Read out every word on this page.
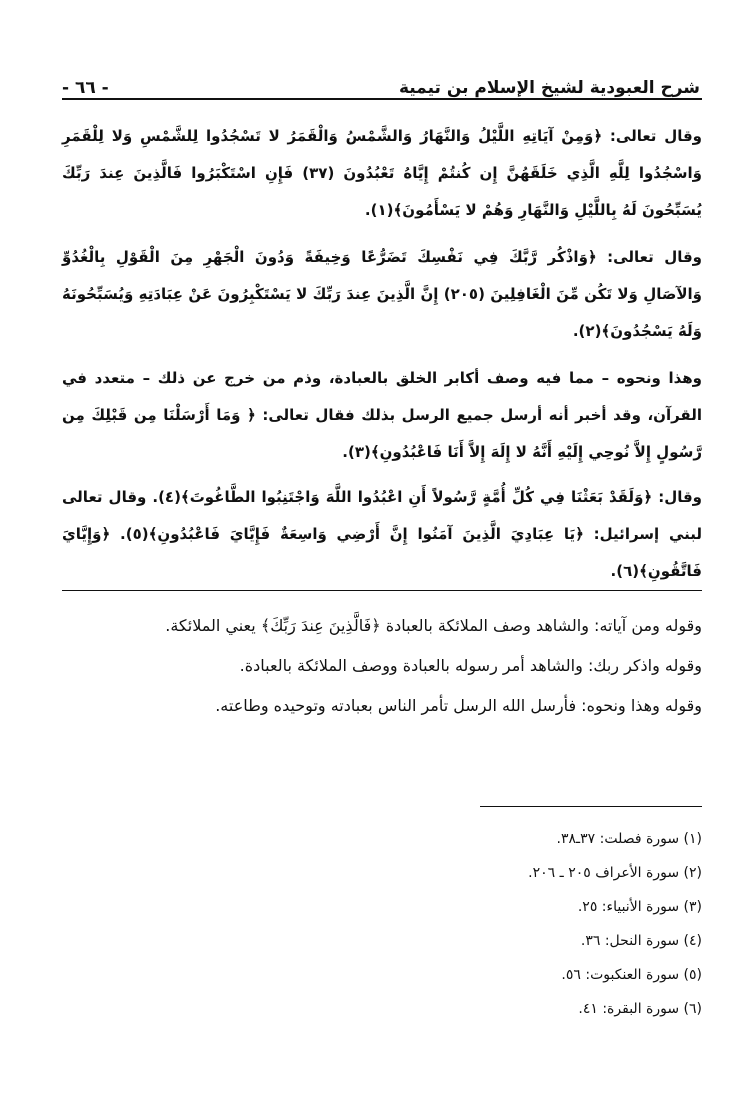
شرح العبودية لشيخ الإسلام بن تيمية
- ٦٦ -

وقال تعالى: ﴿وَمِنْ آيَاتِهِ اللَّيْلُ وَالنَّهَارُ وَالشَّمْسُ وَالْقَمَرُ لا تَسْجُدُوا لِلشَّمْسِ وَلا لِلْقَمَرِ وَاسْجُدُوا لِلَّهِ الَّذِي خَلَقَهُنَّ إِن كُنتُمْ إِيَّاهُ تَعْبُدُونَ (٣٧) فَإِنِ اسْتَكْبَرُوا فَالَّذِينَ عِندَ رَبِّكَ يُسَبِّحُونَ لَهُ بِاللَّيْلِ وَالنَّهَارِ وَهُمْ لا يَسْأَمُونَ﴾(١).

وقال تعالى: ﴿وَاذْكُر رَّبَّكَ فِي نَفْسِكَ تَضَرُّعًا وَخِيفَةً وَدُونَ الْجَهْرِ مِنَ الْقَوْلِ بِالْغُدُوِّ وَالآصَالِ وَلا تَكُن مِّنَ الْغَافِلِينَ (٢٠٥) إِنَّ الَّذِينَ عِندَ رَبِّكَ لا يَسْتَكْبِرُونَ عَنْ عِبَادَتِهِ وَيُسَبِّحُونَهُ وَلَهُ يَسْجُدُونَ﴾(٢).

وهذا ونحوه – مما فيه وصف أكابر الخلق بالعبادة، وذم من خرج عن ذلك – متعدد في القرآن، وقد أخبر أنه أرسل جميع الرسل بذلك فقال تعالى: ﴿ وَمَا أَرْسَلْنَا مِن قَبْلِكَ مِن رَّسُولٍ إِلاَّ نُوحِي إِلَيْهِ أَنَّهُ لا إِلَهَ إِلاَّ أَنَا فَاعْبُدُونِ﴾(٣).

وقال: ﴿وَلَقَدْ بَعَثْنَا فِي كُلِّ أُمَّةٍ رَّسُولاً أَنِ اعْبُدُوا اللَّهَ وَاجْتَنِبُوا الطَّاغُوتَ﴾(٤). وقال تعالى لبني إسرائيل: ﴿يَا عِبَادِيَ الَّذِينَ آمَنُوا إِنَّ أَرْضِي وَاسِعَةٌ فَإِيَّايَ فَاعْبُدُونِ﴾(٥). ﴿وَإِيَّايَ فَاتَّقُونِ﴾(٦).

وقوله ومن آياته: والشاهد وصف الملائكة بالعبادة ﴿فَالَّذِينَ عِندَ رَبِّكَ﴾ يعني الملائكة.

وقوله واذكر ربك: والشاهد أمر رسوله بالعبادة ووصف الملائكة بالعبادة.

وقوله وهذا ونحوه: فأرسل الله الرسل تأمر الناس بعبادته وتوحيده وطاعته.

(١) سورة فصلت: ٣٧ـ٣٨.
(٢) سورة الأعراف ٢٠٥ ـ ٢٠٦.
(٣) سورة الأنبياء: ٢٥.
(٤) سورة النحل: ٣٦.
(٥) سورة العنكبوت: ٥٦.
(٦) سورة البقرة: ٤١.
